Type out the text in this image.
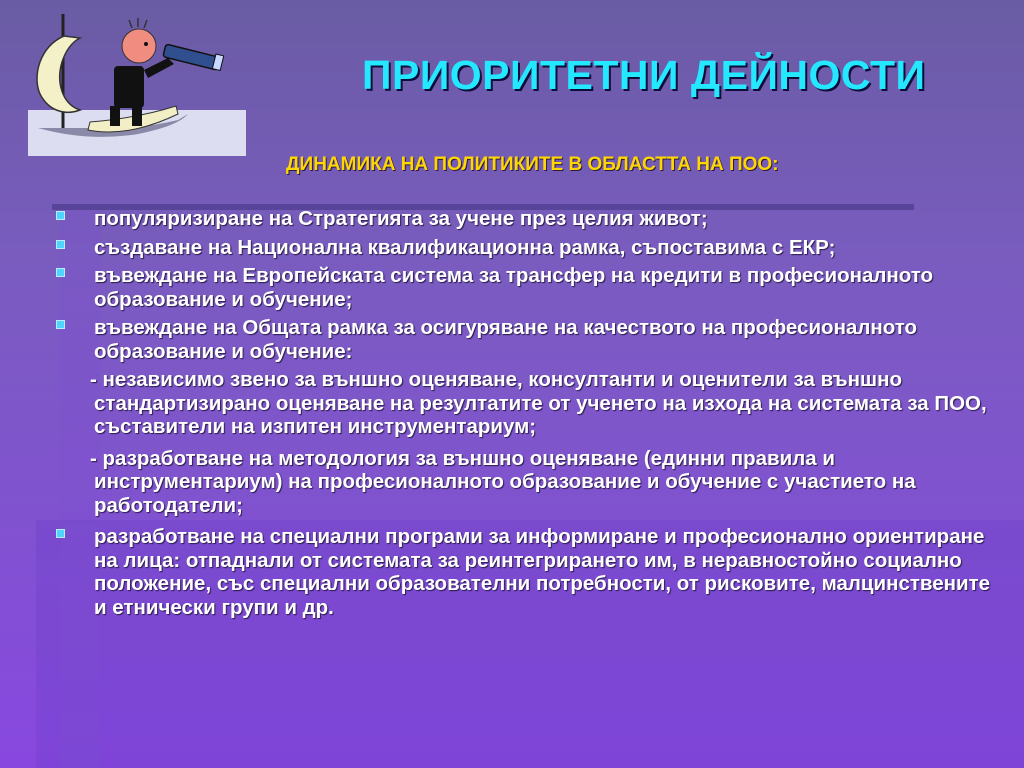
ПРИОРИТЕТНИ ДЕЙНОСТИ
ДИНАМИКА НА ПОЛИТИКИТЕ В ОБЛАСТТА НА ПОО:
популяризиране на Стратегията за учене през целия живот;
създаване на Национална квалификационна рамка, съпоставима с ЕКР;
въвеждане на Европейската система за трансфер на кредити в професионалното образование и обучение;
въвеждане на Общата рамка за осигуряване на качеството на професионалното образование и обучение:
- независимо звено за външно оценяване, консултанти и оценители за външно стандартизирано оценяване на резултатите от ученето на изхода на системата за ПОО, съставители на изпитен инструментариум;
- разработване на методология за външно оценяване (единни правила и инструментариум) на професионалното образование и обучение с участието на работодатели;
разработване на специални програми за информиране и професионално ориентиране на лица: отпаднали от системата за реинтегрирането им, в неравностойно социално положение, със специални образователни потребности, от рисковите, малцинствените и етнически групи и др.
